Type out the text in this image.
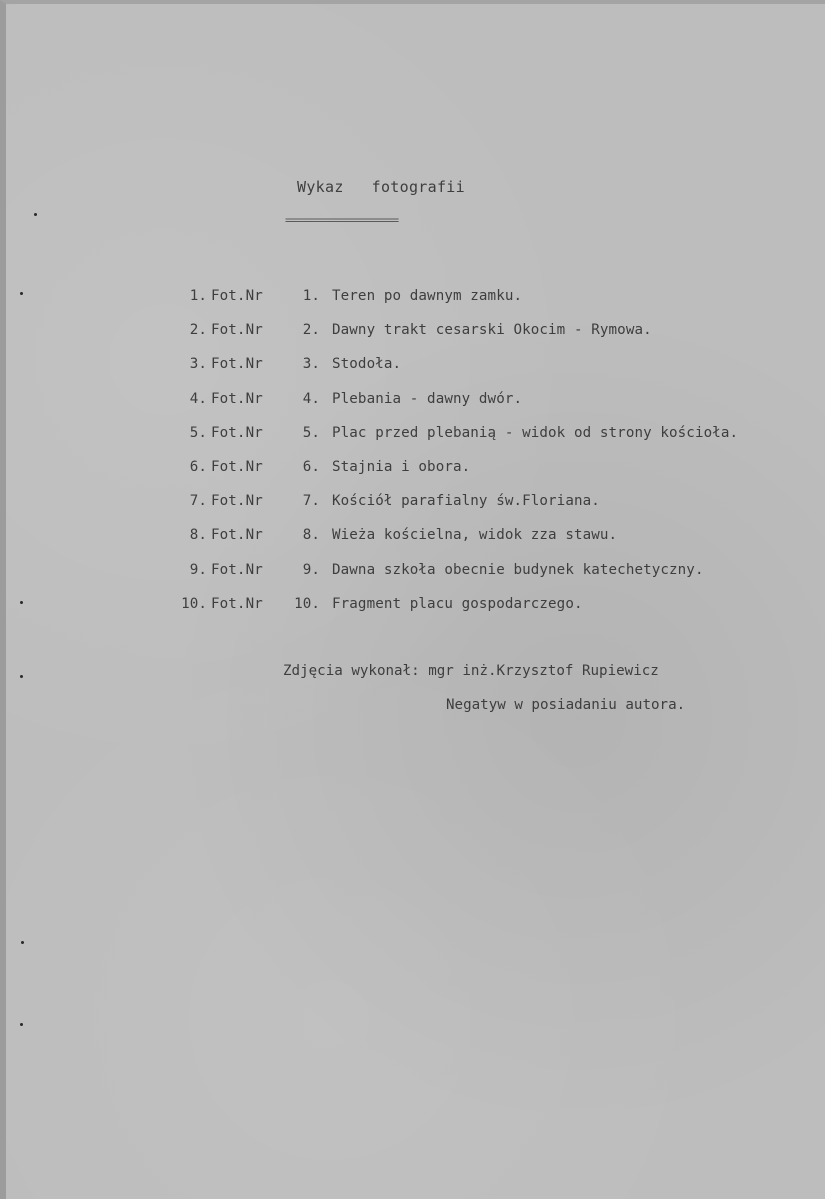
Wykaz   fotografii
====================
1. Fot.Nr	1. Teren po dawnym zamku.
2. Fot.Nr	2. Dawny trakt cesarski Okocim - Rymowa.
3. Fot.Nr	3. Stodoła.
4. Fot.Nr	4. Plebania - dawny dwór.
5. Fot.Nr	5. Plac przed plebanią - widok od strony kościoła.
6. Fot.Nr	6. Stajnia i obora.
7. Fot.Nr	7. Kościół parafialny św.Floriana.
8. Fot.Nr	8. Wieża kościelna, widok zza stawu.
9. Fot.Nr	9. Dawna szkoła obecnie budynek katechetyczny.
10. Fot.Nr	10. Fragment placu gospodarczego.
Zdjęcia wykonał: mgr inż.Krzysztof Rupiewicz
Negatyw w posiadaniu autora.
